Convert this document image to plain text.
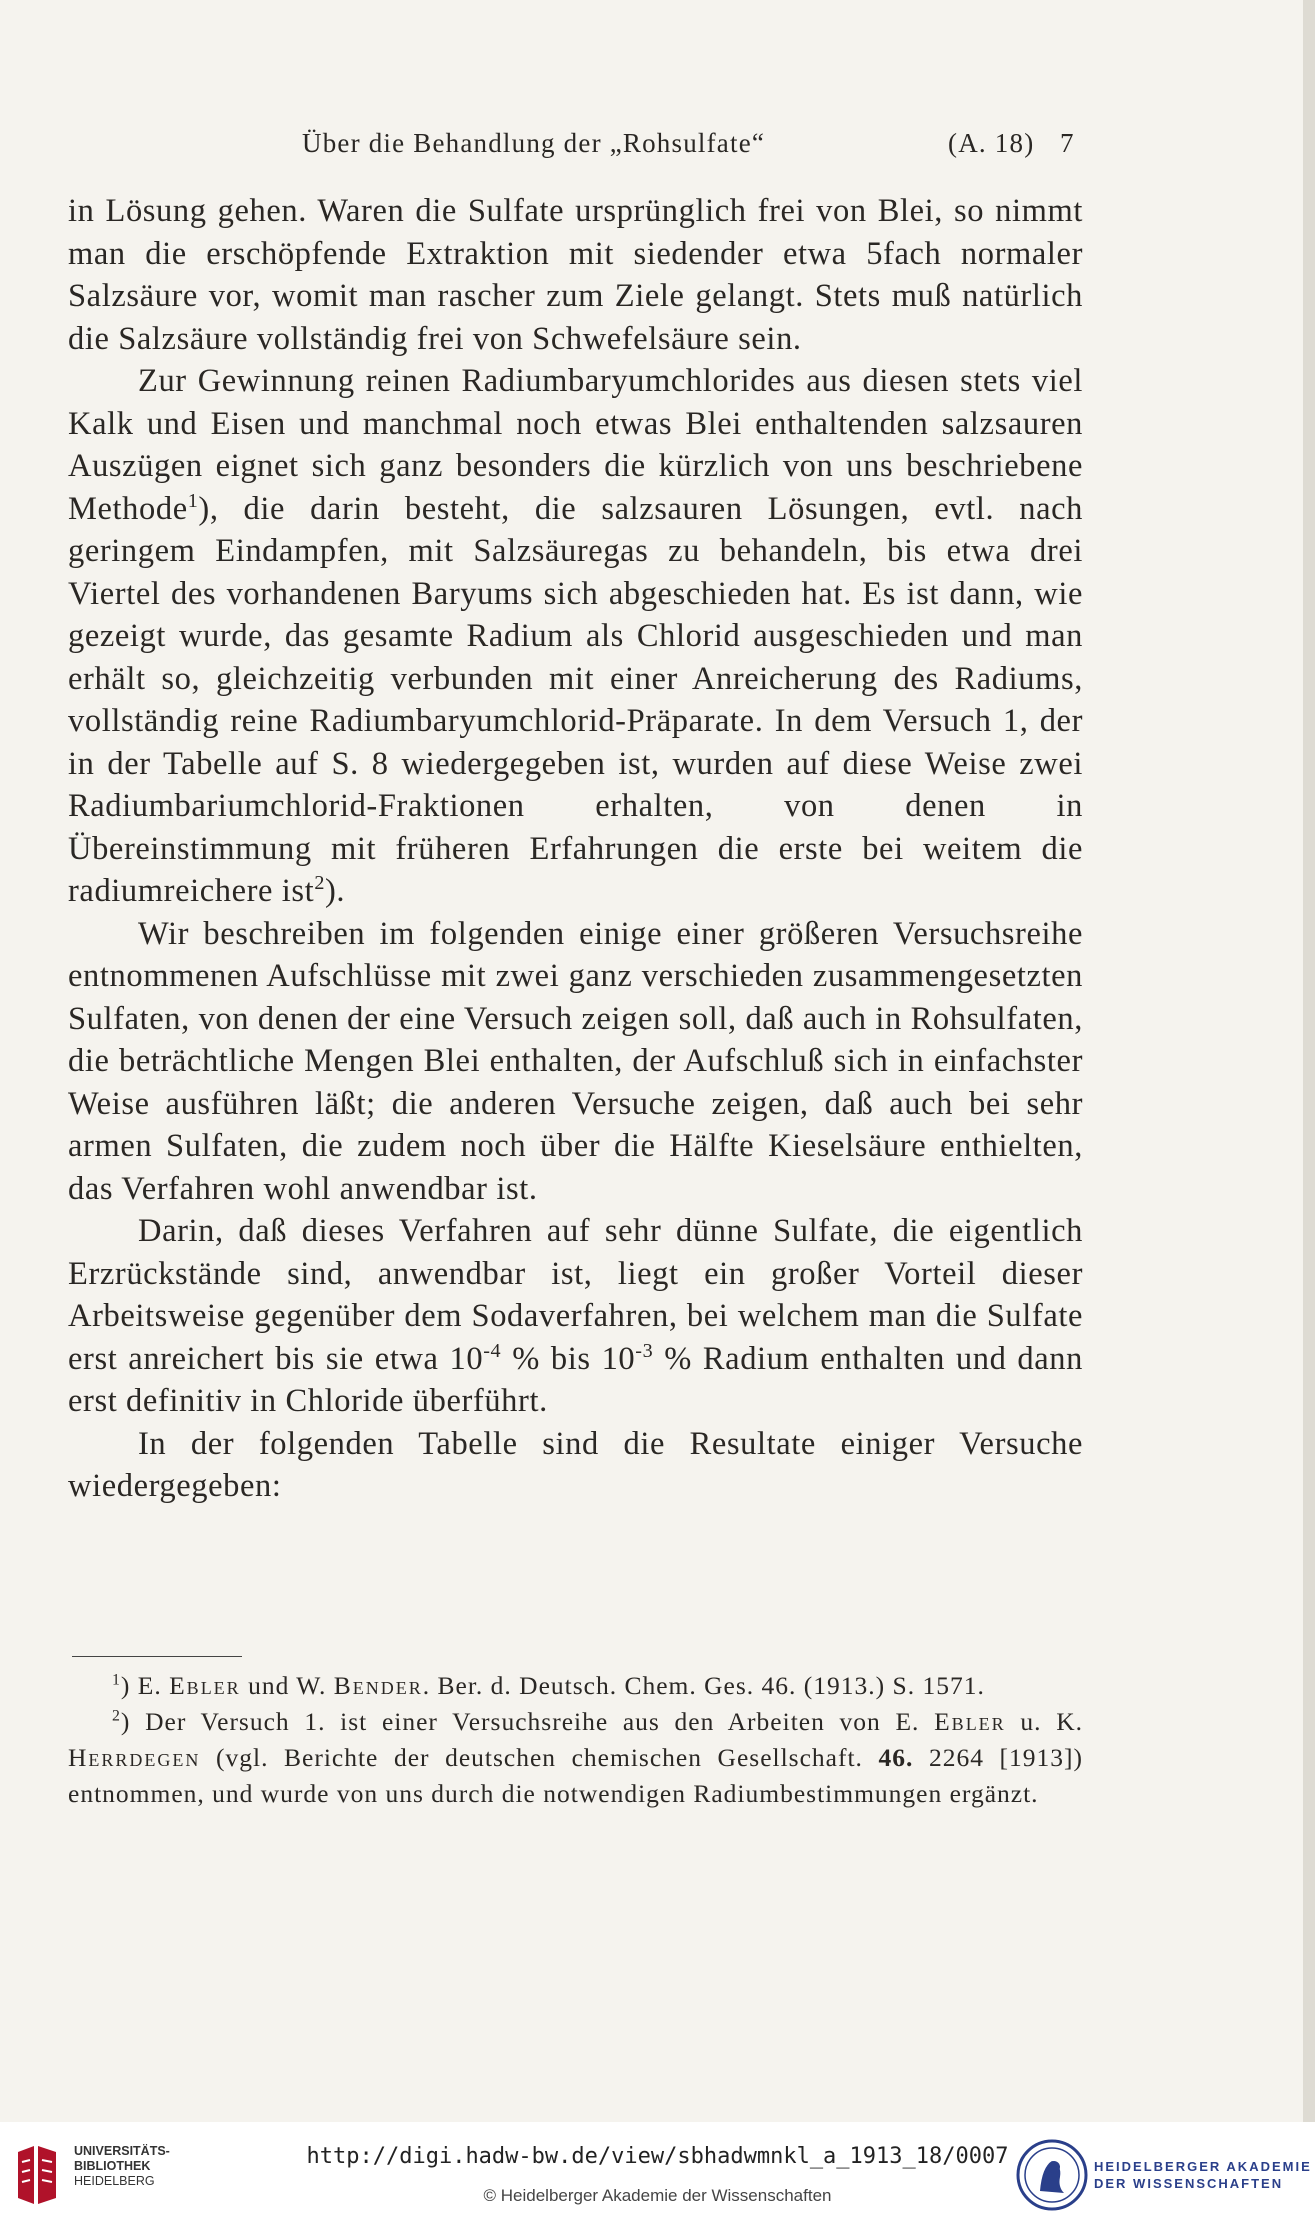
Über die Behandlung der „Rohsulfate“	(A. 18) 7

in Lösung gehen. Waren die Sulfate ursprünglich frei von Blei, so nimmt man die erschöpfende Extraktion mit siedender etwa 5fach normaler Salzsäure vor, womit man rascher zum Ziele gelangt. Stets muß natürlich die Salzsäure vollständig frei von Schwefelsäure sein.

Zur Gewinnung reinen Radiumbaryumchlorides aus diesen stets viel Kalk und Eisen und manchmal noch etwas Blei enthaltenden salzsauren Auszügen eignet sich ganz besonders die kürzlich von uns beschriebene Methode$^1$), die darin besteht, die salzsauren Lösungen, evtl. nach geringem Eindampfen, mit Salzsäuregas zu behandeln, bis etwa drei Viertel des vorhandenen Baryums sich abgeschieden hat. Es ist dann, wie gezeigt wurde, das gesamte Radium als Chlorid ausgeschieden und man erhält so, gleichzeitig verbunden mit einer Anreicherung des Radiums, vollständig reine Radiumbaryumchlorid-Präparate. In dem Versuch 1, der in der Tabelle auf S. 8 wiedergegeben ist, wurden auf diese Weise zwei Radiumbariumchlorid-Fraktionen erhalten, von denen in Übereinstimmung mit früheren Erfahrungen die erste bei weitem die radiumreichere ist$^2$).

Wir beschreiben im folgenden einige einer größeren Versuchsreihe entnommenen Aufschlüsse mit zwei ganz verschieden zusammengesetzten Sulfaten, von denen der eine Versuch zeigen soll, daß auch in Rohsulfaten, die beträchtliche Mengen Blei enthalten, der Aufschluß sich in einfachster Weise ausführen läßt; die anderen Versuche zeigen, daß auch bei sehr armen Sulfaten, die zudem noch über die Hälfte Kieselsäure enthielten, das Verfahren wohl anwendbar ist.

Darin, daß dieses Verfahren auf sehr dünne Sulfate, die eigentlich Erzrückstände sind, anwendbar ist, liegt ein großer Vorteil dieser Arbeitsweise gegenüber dem Sodaverfahren, bei welchem man die Sulfate erst anreichert bis sie etwa $10^{-4}$ % bis $10^{-3}$ % Radium enthalten und dann erst definitiv in Chloride überführt.

In der folgenden Tabelle sind die Resultate einiger Versuche wiedergegeben:

$^1$) E. Ebler und W. Bender. Ber. d. Deutsch. Chem. Ges. 46. (1913.) S. 1571.

$^2$) Der Versuch 1. ist einer Versuchsreihe aus den Arbeiten von E. Ebler u. K. Herrdegen (vgl. Berichte der deutschen chemischen Gesellschaft. 46. 2264 [1913]) entnommen, und wurde von uns durch die notwendigen Radiumbestimmungen ergänzt.

UNIVERSITÄTS-
BIBLIOTHEK
HEIDELBERG
http://digi.hadw-bw.de/view/sbhadwmnkl_a_1913_18/0007
© Heidelberger Akademie der Wissenschaften
HEIDELBERGER AKADEMIE
DER WISSENSCHAFTEN
